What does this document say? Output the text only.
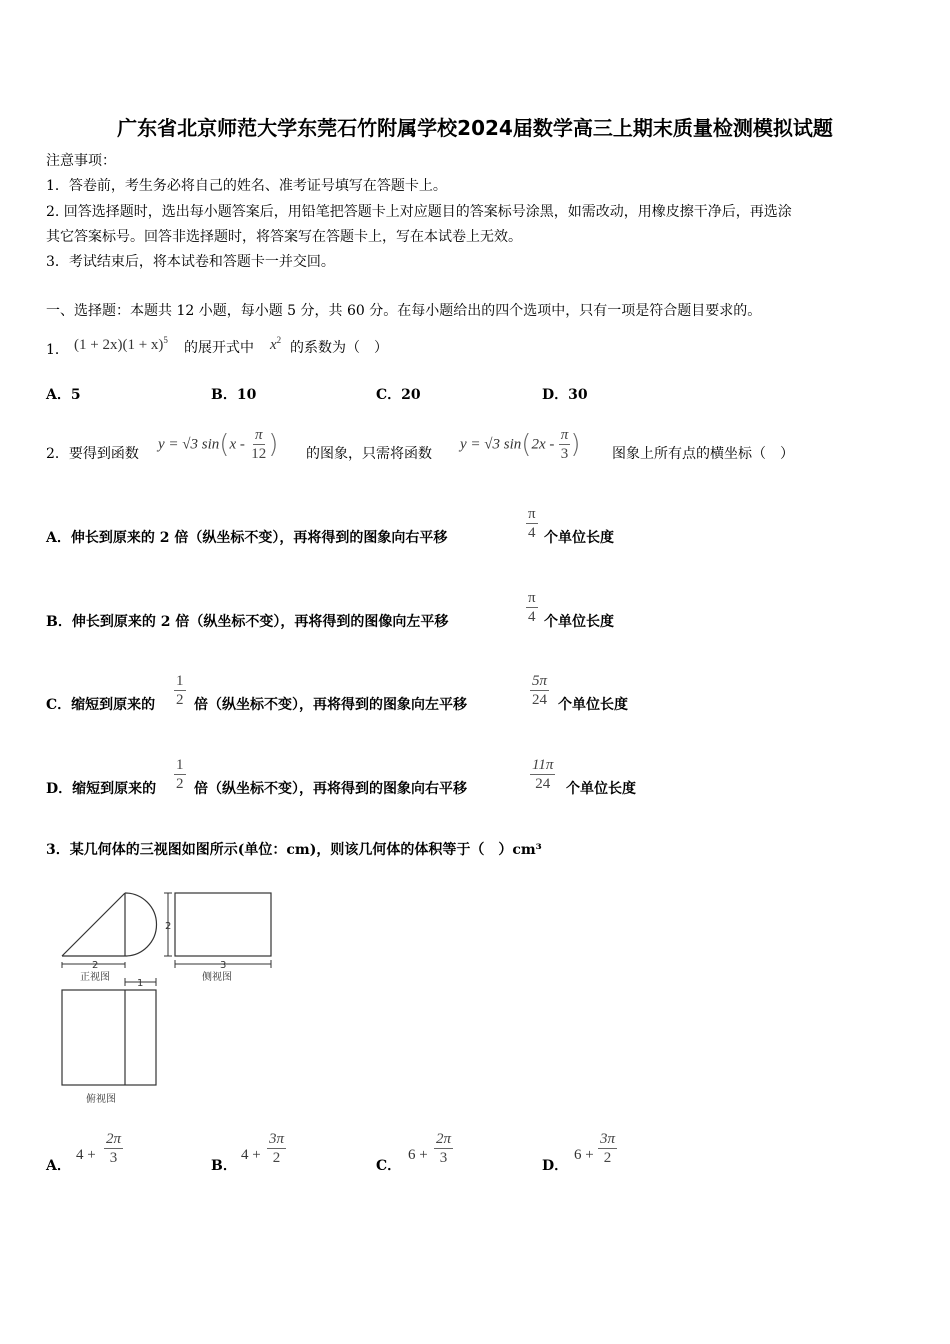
广东省北京师范大学东莞石竹附属学校2024届数学高三上期末质量检测模拟试题
注意事项：
1．答卷前，考生务必将自己的姓名、准考证号填写在答题卡上。
2. 回答选择题时，选出每小题答案后，用铅笔把答题卡上对应题目的答案标号涂黑，如需改动，用橡皮擦干净后，再选涂
其它答案标号。回答非选择题时，将答案写在答题卡上，写在本试卷上无效。
3．考试结束后，将本试卷和答题卡一并交回。
一、选择题：本题共 12 小题，每小题 5 分，共 60 分。在每小题给出的四个选项中，只有一项是符合题目要求的。
1． $(1 + 2x)(1 + x)^5$ 的展开式中 $x^2$ 的系数为（　）
A．5	B．10	C．20	D．30
2．要得到函数
y = √3 $\sin(x - \frac{\pi}{12}$ ) 的图象，只需将函数
y = √3 $\sin(2x - \frac{\pi}{3}$ ) 图象上所有点的横坐标（　）
A．伸长到原来的 2 倍（纵坐标不变），再将得到的图象向右平移	$\frac{\pi}{4}$ 个单位长度
B．伸长到原来的 2 倍（纵坐标不变），再将得到的图像向左平移	$\frac{\pi}{4}$ 个单位长度
C．缩短到原来的 $\frac{1}{2}$ 倍（纵坐标不变），再将得到的图象向左平移	$\frac{5\pi}{24}$ 个单位长度
D．缩短到原来的 $\frac{1}{2}$ 倍（纵坐标不变），再将得到的图象向右平移	$\frac{11\pi}{24}$ 个单位长度
3．某几何体的三视图如图所示(单位：cm)，则该几何体的体积等于（　）cm³
2
正视图
2
3
侧视图
1
俯视图
A．
$4 + \frac{2\pi}{3}$	B．
$4 + \frac{3\pi}{2}$	C．
$6 + \frac{2\pi}{3}$	D．
$6 + \frac{3\pi}{2}$
